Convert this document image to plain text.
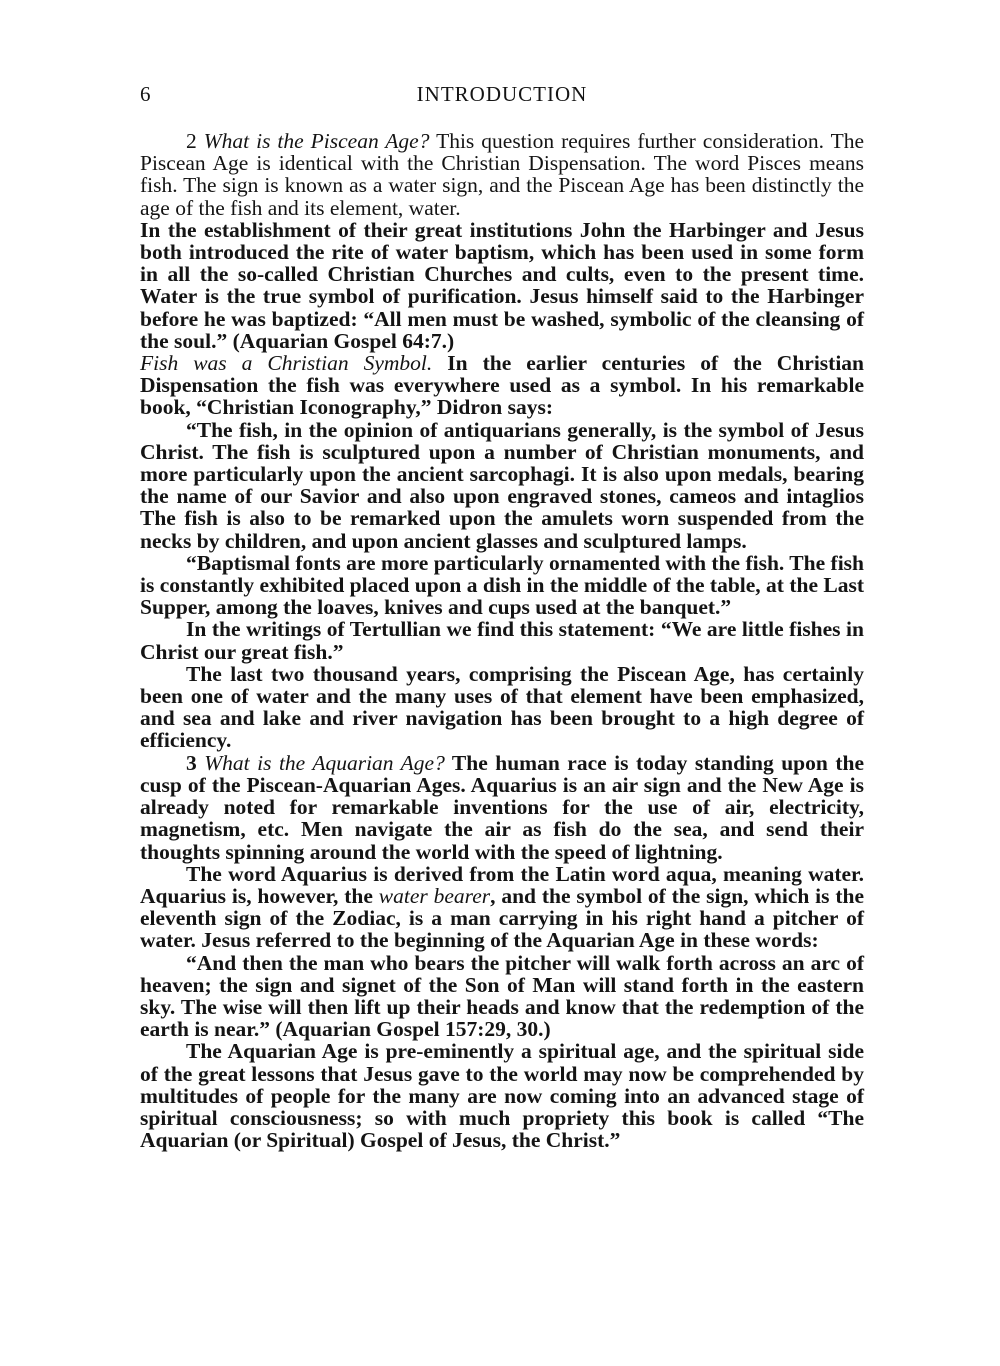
6	INTRODUCTION

2 What is the Piscean Age? This question requires further consideration. The Piscean Age is identical with the Christian Dispensation. The word Pisces means fish. The sign is known as a water sign, and the Piscean Age has been distinctly the age of the fish and its element, water.

In the establishment of their great institutions John the Harbinger and Jesus both introduced the rite of water baptism, which has been used in some form in all the so-called Christian Churches and cults, even to the present time. Water is the true symbol of purification. Jesus himself said to the Harbinger before he was baptized: “All men must be washed, symbolic of the cleansing of the soul.” (Aquarian Gospel 64:7.)

Fish was a Christian Symbol. In the earlier centuries of the Christian Dispensation the fish was everywhere used as a symbol. In his remarkable book, “Christian Iconography,” Didron says:

“The fish, in the opinion of antiquarians generally, is the symbol of Jesus Christ. The fish is sculptured upon a number of Christian monuments, and more particularly upon the ancient sarcophagi. It is also upon medals, bearing the name of our Savior and also upon engraved stones, cameos and intaglios The fish is also to be remarked upon the amulets worn suspended from the necks by children, and upon ancient glasses and sculptured lamps.

“Baptismal fonts are more particularly ornamented with the fish. The fish is constantly exhibited placed upon a dish in the middle of the table, at the Last Supper, among the loaves, knives and cups used at the banquet.”

In the writings of Tertullian we find this statement: “We are little fishes in Christ our great fish.”

The last two thousand years, comprising the Piscean Age, has certainly been one of water and the many uses of that element have been emphasized, and sea and lake and river navigation has been brought to a high degree of efficiency.

3 What is the Aquarian Age? The human race is today standing upon the cusp of the Piscean-Aquarian Ages. Aquarius is an air sign and the New Age is already noted for remarkable inventions for the use of air, electricity, magnetism, etc. Men navigate the air as fish do the sea, and send their thoughts spinning around the world with the speed of lightning.

The word Aquarius is derived from the Latin word aqua, meaning water. Aquarius is, however, the water bearer, and the symbol of the sign, which is the eleventh sign of the Zodiac, is a man carrying in his right hand a pitcher of water. Jesus referred to the beginning of the Aquarian Age in these words:

“And then the man who bears the pitcher will walk forth across an arc of heaven; the sign and signet of the Son of Man will stand forth in the eastern sky. The wise will then lift up their heads and know that the redemption of the earth is near.” (Aquarian Gospel 157:29, 30.)

The Aquarian Age is pre-eminently a spiritual age, and the spiritual side of the great lessons that Jesus gave to the world may now be comprehended by multitudes of people for the many are now coming into an advanced stage of spiritual consciousness; so with much propriety this book is called “The Aquarian (or Spiritual) Gospel of Jesus, the Christ.”
